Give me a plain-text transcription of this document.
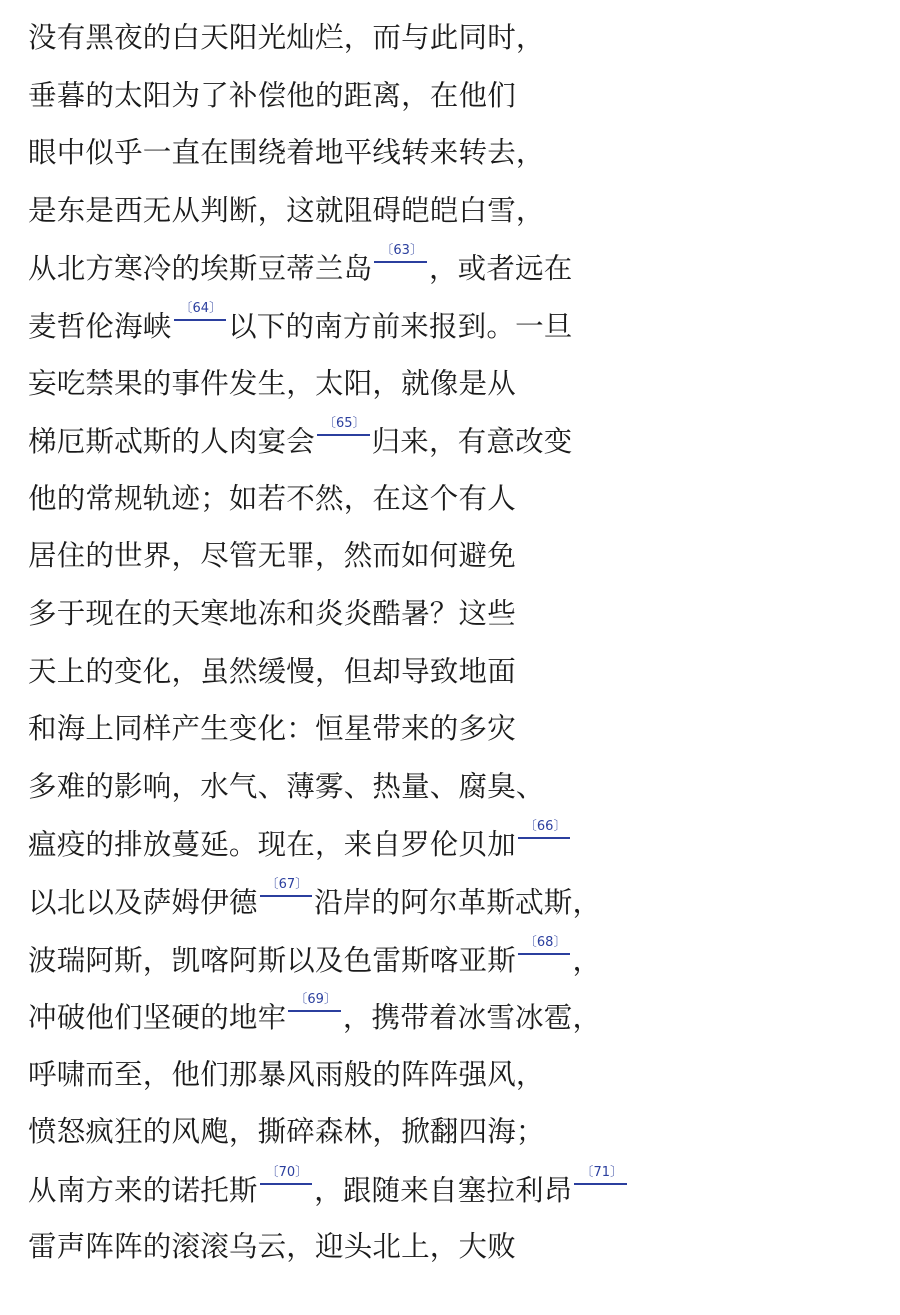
没有黑夜的白天阳光灿烂，而与此同时，
垂暮的太阳为了补偿他的距离，在他们
眼中似乎一直在围绕着地平线转来转去，
是东是西无从判断，这就阻碍皑皑白雪，
从北方寒冷的埃斯豆蒂兰岛〔63〕，或者远在
麦哲伦海峡〔64〕以下的南方前来报到。一旦
妄吃禁果的事件发生，太阳，就像是从
梯厄斯忒斯的人肉宴会〔65〕归来，有意改变
他的常规轨迹；如若不然，在这个有人
居住的世界，尽管无罪，然而如何避免
多于现在的天寒地冻和炎炎酷暑？这些
天上的变化，虽然缓慢，但却导致地面
和海上同样产生变化：恒星带来的多灾
多难的影响，水气、薄雾、热量、腐臭、
瘟疫的排放蔓延。现在，来自罗伦贝加〔66〕
以北以及萨姆伊德〔67〕沿岸的阿尔革斯忒斯，
波瑞阿斯，凯喀阿斯以及色雷斯喀亚斯〔68〕，
冲破他们坚硬的地牢〔69〕，携带着冰雪冰雹，
呼啸而至，他们那暴风雨般的阵阵强风，
愤怒疯狂的风飑，撕碎森林，掀翻四海；
从南方来的诺托斯〔70〕，跟随来自塞拉利昂〔71〕
雷声阵阵的滚滚乌云，迎头北上，大败
